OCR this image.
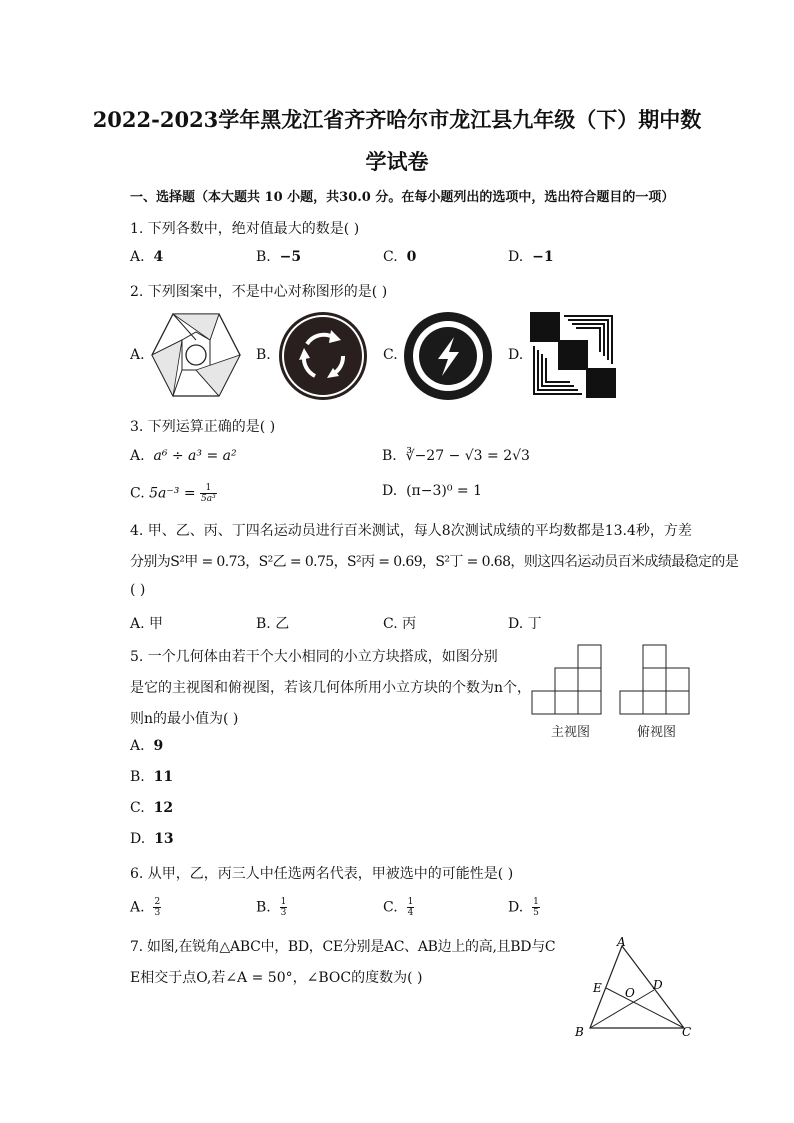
2022-2023学年黑龙江省齐齐哈尔市龙江县九年级（下）期中数
学试卷
一、选择题（本大题共 10 小题，共30.0 分。在每小题列出的选项中，选出符合题目的一项）
1. 下列各数中，绝对值最大的数是( )
A. 4	B. −5	C. 0	D. −1
2. 下列图案中，不是中心对称图形的是( )
A.	B.	C.	D.
3. 下列运算正确的是( )
A. a⁶ ÷ a³ = a²	B. ∛−27 − √3 = 2√3
C. $5a^{-3} = \frac{1}{\text{5a³}}$	D. (π−3)⁰ = 1
4. 甲、乙、丙、丁四名运动员进行百米测试，每人8次测试成绩的平均数都是13.4秒，方差
分别为S²甲 = 0.73，S²乙 = 0.75，S²丙 = 0.69，S²丁 = 0.68，则这四名运动员百米成绩最稳定的是
( )
A. 甲	B. 乙	C. 丙	D. 丁
5. 一个几何体由若干个大小相同的小立方块搭成，如图分别
是它的主视图和俯视图，若该几何体所用小立方块的个数为n个，
则n的最小值为( )
A. 9
B. 11
C. 12
D. 13
主视图	俯视图
6. 从甲，乙，丙三人中任选两名代表，甲被选中的可能性是( )
A. $\frac{2}{3}$	B. $\frac{1}{3}$	C. $\frac{1}{4}$	D. $\frac{1}{5}$
7. 如图,在锐角△ABC中，BD，CE分别是AC、AB边上的高,且BD与C
E相交于点O,若∠A = 50°，∠BOC的度数为( )
A
B	C
D
E O
